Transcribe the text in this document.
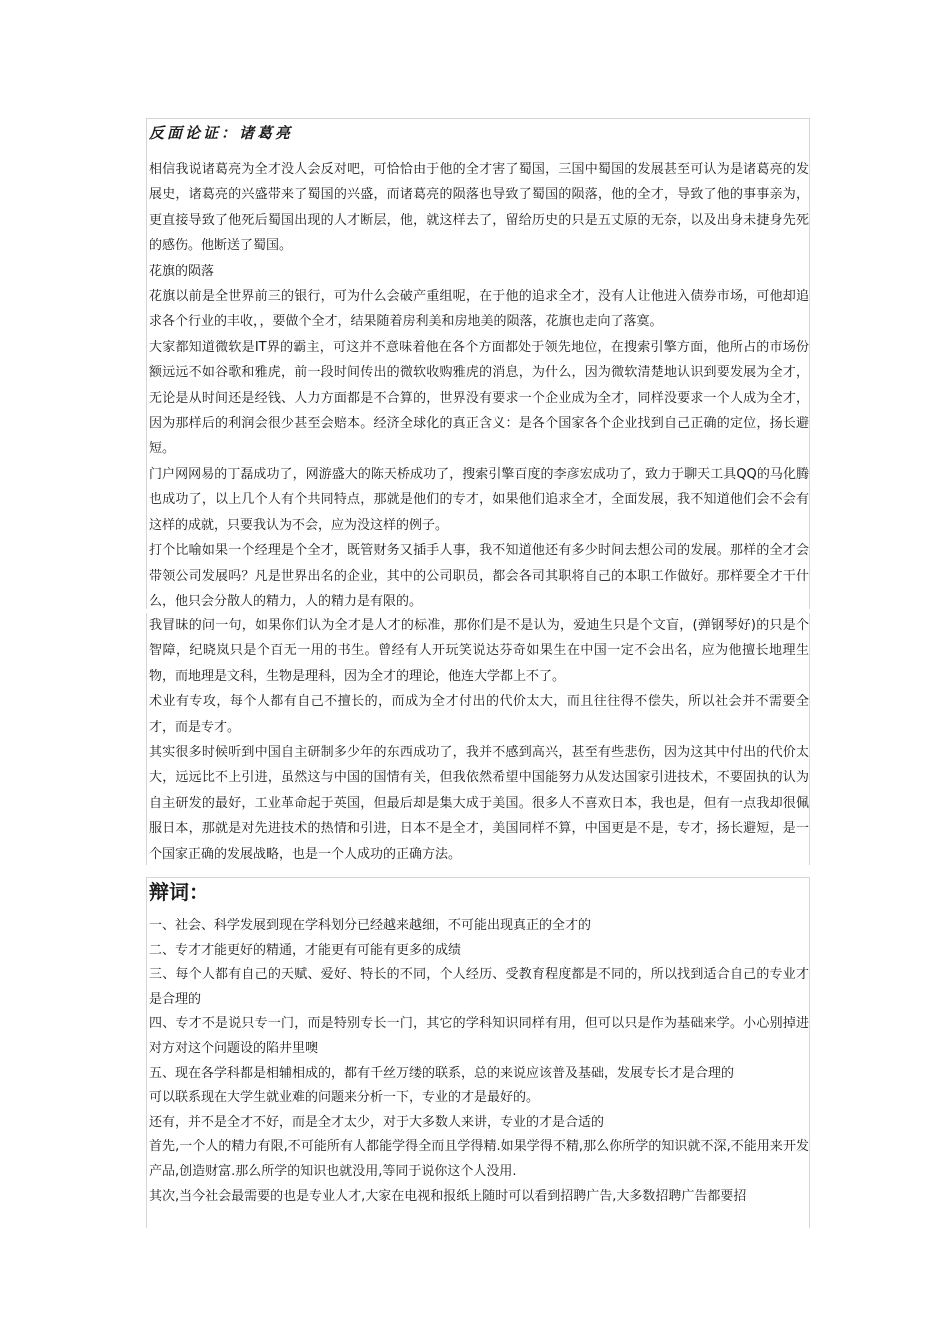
反面论证：诸葛亮

相信我说诸葛亮为全才没人会反对吧，可恰恰由于他的全才害了蜀国，三国中蜀国的发展甚至可认为是诸葛亮的发展史，诸葛亮的兴盛带来了蜀国的兴盛，而诸葛亮的陨落也导致了蜀国的陨落，他的全才，导致了他的事事亲为，更直接导致了他死后蜀国出现的人才断层，他，就这样去了，留给历史的只是五丈原的无奈，以及出身未捷身先死的感伤。他断送了蜀国。

花旗的陨落

花旗以前是全世界前三的银行，可为什么会破产重组呢，在于他的追求全才，没有人让他进入债券市场，可他却追求各个行业的丰收，，要做个全才，结果随着房利美和房地美的陨落，花旗也走向了落寞。

大家都知道微软是IT界的霸主，可这并不意味着他在各个方面都处于领先地位，在搜索引擎方面，他所占的市场份额远远不如谷歌和雅虎，前一段时间传出的微软收购雅虎的消息，为什么，因为微软清楚地认识到要发展为全才，无论是从时间还是经钱、人力方面都是不合算的，世界没有要求一个企业成为全才，同样没要求一个人成为全才，因为那样后的利润会很少甚至会赔本。经济全球化的真正含义：是各个国家各个企业找到自己正确的定位，扬长避短。

门户网网易的丁磊成功了，网游盛大的陈天桥成功了，搜索引擎百度的李彦宏成功了，致力于聊天工具QQ的马化腾也成功了，以上几个人有个共同特点，那就是他们的专才，如果他们追求全才，全面发展，我不知道他们会不会有这样的成就，只要我认为不会，应为没这样的例子。

打个比喻如果一个经理是个全才，既管财务又插手人事，我不知道他还有多少时间去想公司的发展。那样的全才会带领公司发展吗？凡是世界出名的企业，其中的公司职员，都会各司其职将自己的本职工作做好。那样要全才干什么，他只会分散人的精力，人的精力是有限的。

我冒昧的问一句，如果你们认为全才是人才的标准，那你们是不是认为，爱迪生只是个文盲，(弹钢琴好)的只是个智障，纪晓岚只是个百无一用的书生。曾经有人开玩笑说达芬奇如果生在中国一定不会出名，应为他擅长地理生物，而地理是文科，生物是理科，因为全才的理论，他连大学都上不了。

术业有专攻，每个人都有自己不擅长的，而成为全才付出的代价太大，而且往往得不偿失，所以社会并不需要全才，而是专才。

其实很多时候听到中国自主研制多少年的东西成功了，我并不感到高兴，甚至有些悲伤，因为这其中付出的代价太大，远远比不上引进，虽然这与中国的国情有关，但我依然希望中国能努力从发达国家引进技术，不要固执的认为自主研发的最好，工业革命起于英国，但最后却是集大成于美国。很多人不喜欢日本，我也是，但有一点我却很佩服日本，那就是对先进技术的热情和引进，日本不是全才，美国同样不算，中国更是不是，专才，扬长避短，是一个国家正确的发展战略，也是一个人成功的正确方法。

辩词：

一、社会、科学发展到现在学科划分已经越来越细，不可能出现真正的全才的

二、专才才能更好的精通，才能更有可能有更多的成绩

三、每个人都有自己的天赋、爱好、特长的不同，个人经历、受教育程度都是不同的，所以找到适合自己的专业才是合理的

四、专才不是说只专一门，而是特别专长一门，其它的学科知识同样有用，但可以只是作为基础来学。小心别掉进对方对这个问题设的陷井里噢

五、现在各学科都是相辅相成的，都有千丝万缕的联系，总的来说应该普及基础，发展专长才是合理的

可以联系现在大学生就业难的问题来分析一下，专业的才是最好的。

还有，并不是全才不好，而是全才太少，对于大多数人来讲，专业的才是合适的

首先,一个人的精力有限,不可能所有人都能学得全而且学得精.如果学得不精,那么你所学的知识就不深,不能用来开发产品,创造财富.那么所学的知识也就没用,等同于说你这个人没用.

其次,当今社会最需要的也是专业人才,大家在电视和报纸上随时可以看到招聘广告,大多数招聘广告都要招
